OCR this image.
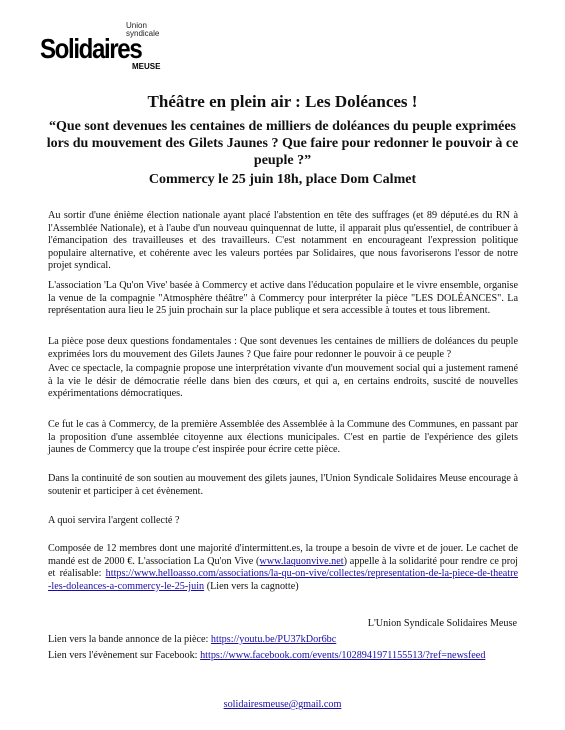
Union
syndicale
Solidaires
MEUSE
Théâtre en plein air : Les Doléances !
“Que sont devenues les centaines de milliers de doléances du peuple exprimées lors du mouvement des Gilets Jaunes ? Que faire pour redonner le pouvoir à ce peuple ?”
Commercy le 25 juin 18h, place Dom Calmet

Au sortir d'une énième élection nationale ayant placé l'abstention en tête des suffrages (et 89 député.es du RN à l'Assemblée Nationale), et à l'aube d'un nouveau quinquennat de lutte, il apparait plus qu'essentiel, de contribuer à l'émancipation des travailleuses et des travailleurs. C'est notamment en encourageant l'expression politique populaire alternative, et cohérente avec les valeurs portées par Solidaires, que nous favoriserons l'essor de notre projet syndical.

L'association 'La Qu'on Vive' basée à Commercy et active dans l'éducation populaire et le vivre ensemble, organise la venue de la compagnie "Atmosphère théâtre" à Commercy pour interpréter la pièce "LES DOLÉANCES". La représentation aura lieu le 25 juin prochain sur la place publique et sera accessible à toutes et tous librement.

La pièce pose deux questions fondamentales : Que sont devenues les centaines de milliers de doléances du peuple exprimées lors du mouvement des Gilets Jaunes ? Que faire pour redonner le pouvoir à ce peuple ?

Avec ce spectacle, la compagnie propose une interprétation vivante d'un mouvement social qui a justement ramené à la vie le désir de démocratie réelle dans bien des cœurs, et qui a, en certains endroits, suscité de nouvelles expérimentations démocratiques.

Ce fut le cas à Commercy, de la première Assemblée des Assemblée à la Commune des Communes, en passant par la proposition d'une assemblée citoyenne aux élections municipales. C'est en partie de l'expérience des gilets jaunes de Commercy que la troupe c'est inspirée pour écrire cette pièce.

Dans la continuité de son soutien au mouvement des gilets jaunes, l'Union Syndicale Solidaires Meuse encourage à soutenir et participer à cet évènement.

A quoi servira l'argent collecté ?

Composée de 12 membres dont une majorité d'intermittent.es, la troupe a besoin de vivre et de jouer. Le cachet demandé est de 2000 €. L'association La Qu'on Vive (www.laquonvive.net) appelle à la solidarité pour rendre ce projet réalisable: https://www.helloasso.com/associations/la-qu-on-vive/collectes/representation-de-la-piece-de-theatre-les-doleances-a-commercy-le-25-juin (Lien vers la cagnotte)

L'Union Syndicale Solidaires Meuse
Lien vers la bande annonce de la pièce: https://youtu.be/PU37kDor6bc
Lien vers l'évènement sur Facebook: https://www.facebook.com/events/1028941971155513/?ref=newsfeed
solidairesmeuse@gmail.com
